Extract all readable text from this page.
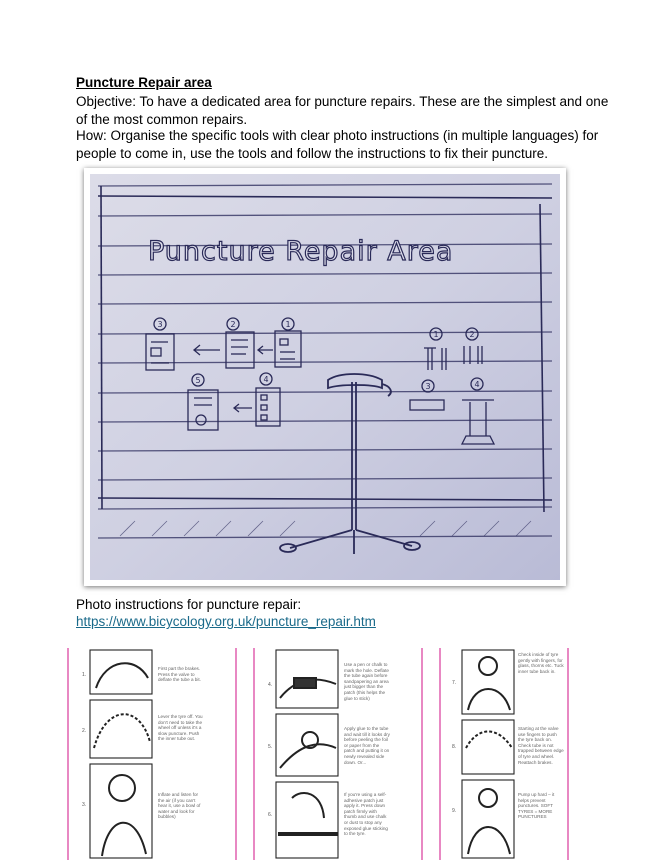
Puncture Repair area
Objective: To have a dedicated area for puncture repairs. These are the simplest and one of the most common repairs.
How: Organise the specific tools with clear photo instructions (in multiple languages) for people to come in, use the tools and follow the instructions to fix their puncture.
Puncture Repair Area
3	2	1
5	4
1	2
3	4
Photo instructions for puncture repair:
https://www.bicycology.org.uk/puncture_repair.htm
1.
First part the brakes. Press the valve to deflate the tube a bit.
2.
Lever the tyre off. You don't need to take the wheel off unless it's a slow puncture. Push the inner tube out.
3.
Inflate and listen for the air (if you can't hear it, use a bowl of water and look for bubbles)
4.
Use a pen or chalk to mark the hole. Deflate the tube again before sandpapering an area just bigger than the patch (this helps the glue to stick)
5.
Apply glue to the tube and wait till it looks dry before peeling the foil or paper from the patch and putting it on newly revealed side down. Or...
6.
If you're using a self-adhesive patch just apply it. Press down patch firmly with thumb and use chalk or dust to stop any exposed glue sticking to the tyre.
7.
Check inside of tyre gently with fingers, for glass, thorns etc. Tuck inner tube back in.
8.
Starting at the valve use fingers to push the tyre back on. Check tube is not trapped between edge of tyre and wheel. Reattach brakes.
9.
Pump up hard – it helps prevent punctures. SOFT TYRES = MORE PUNCTURES
